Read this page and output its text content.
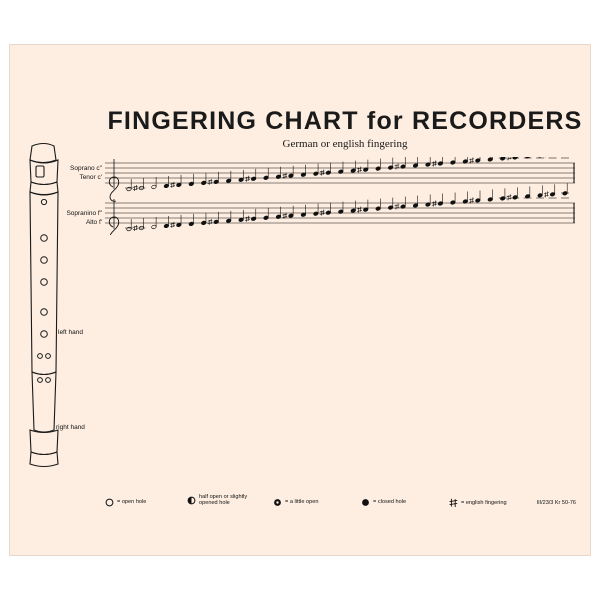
FINGERING CHART for RECORDERS
German or english fingering
Soprano c"
Tenor c'
Sopranino f"
Alto f'
left hand
right hand
= open hole
half open or slightly opened hole	= a little open	= closed hole	= english fingering	III/23/3 Kr 50-76
